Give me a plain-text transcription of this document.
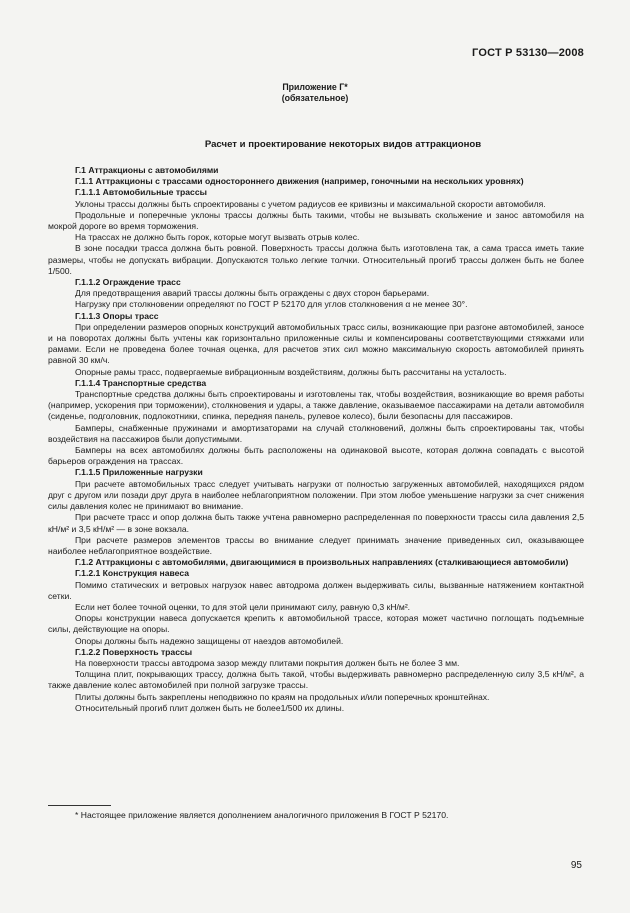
ГОСТ Р 53130—2008
Приложение Г*
(обязательное)
Расчет и проектирование некоторых видов аттракционов

Г.1 Аттракционы с автомобилями

Г.1.1 Аттракционы с трассами одностороннего движения (например, гоночными на нескольких уровнях)

Г.1.1.1 Автомобильные трассы

Уклоны трассы должны быть спроектированы с учетом радиусов ее кривизны и максимальной скорости автомобиля.

Продольные и поперечные уклоны трассы должны быть такими, чтобы не вызывать скольжение и занос автомобиля на мокрой дороге во время торможения.

На трассах не должно быть горок, которые могут вызвать отрыв колес.

В зоне посадки трасса должна быть ровной. Поверхность трассы должна быть изготовлена так, а сама трасса иметь такие размеры, чтобы не допускать вибрации. Допускаются только легкие толчки. Относительный прогиб трассы должен быть не более 1/500.

Г.1.1.2 Ограждение трасс

Для предотвращения аварий трассы должны быть ограждены с двух сторон барьерами.

Нагрузку при столкновении определяют по ГОСТ Р 52170 для углов столкновения α не менее 30°.

Г.1.1.3 Опоры трасс

При определении размеров опорных конструкций автомобильных трасс силы, возникающие при разгоне автомобилей, заносе и на поворотах должны быть учтены как горизонтально приложенные силы и компенсированы соответствующими стяжками или рамами. Если не проведена более точная оценка, для расчетов этих сил можно максимальную скорость автомобилей принять равной 30 км/ч.

Опорные рамы трасс, подвергаемые вибрационным воздействиям, должны быть рассчитаны на усталость.

Г.1.1.4 Транспортные средства

Транспортные средства должны быть спроектированы и изготовлены так, чтобы воздействия, возникающие во время работы (например, ускорения при торможении), столкновения и удары, а также давление, оказываемое пассажирами на детали автомобиля (сиденье, подголовник, подлокотники, спинка, передняя панель, рулевое колесо), были безопасны для пассажиров.

Бамперы, снабженные пружинами и амортизаторами на случай столкновений, должны быть спроектированы так, чтобы воздействия на пассажиров были допустимыми.

Бамперы на всех автомобилях должны быть расположены на одинаковой высоте, которая должна совпадать с высотой барьеров ограждения на трассах.

Г.1.1.5 Приложенные нагрузки

При расчете автомобильных трасс следует учитывать нагрузки от полностью загруженных автомобилей, находящихся рядом друг с другом или позади друг друга в наиболее неблагоприятном положении. При этом любое уменьшение нагрузки за счет снижения силы давления колес не принимают во внимание.

При расчете трасс и опор должна быть также учтена равномерно распределенная по поверхности трассы сила давления 2,5 кН/м² и 3,5 кН/м² — в зоне вокзала.

При расчете размеров элементов трассы во внимание следует принимать значение приведенных сил, оказывающее наиболее неблагоприятное воздействие.

Г.1.2 Аттракционы с автомобилями, двигающимися в произвольных направлениях (сталкивающиеся автомобили)

Г.1.2.1 Конструкция навеса

Помимо статических и ветровых нагрузок навес автодрома должен выдерживать силы, вызванные натяжением контактной сетки.

Если нет более точной оценки, то для этой цели принимают силу, равную 0,3 кН/м².

Опоры конструкции навеса допускается крепить к автомобильной трассе, которая может частично поглощать подъемные силы, действующие на опоры.

Опоры должны быть надежно защищены от наездов автомобилей.

Г.1.2.2 Поверхность трассы

На поверхности трассы автодрома зазор между плитами покрытия должен быть не более 3 мм.

Толщина плит, покрывающих трассу, должна быть такой, чтобы выдерживать равномерно распределенную силу 3,5 кН/м², а также давление колес автомобилей при полной загрузке трассы.

Плиты должны быть закреплены неподвижно по краям на продольных и/или поперечных кронштейнах.

Относительный прогиб плит должен быть не более1/500 их длины.

* Настоящее приложение является дополнением аналогичного приложения В ГОСТ Р 52170.
95
